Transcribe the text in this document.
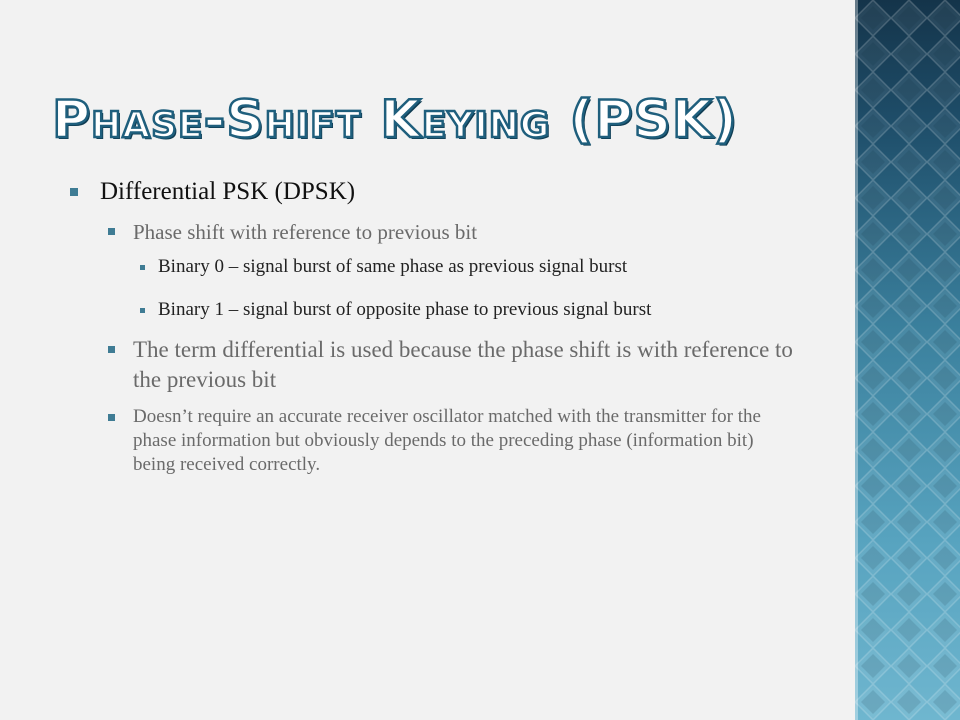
Phase-Shift Keying (PSK)
Differential PSK (DPSK)
Phase shift with reference to previous bit
Binary 0 – signal burst of same phase as previous signal burst
Binary 1 – signal burst of opposite phase to previous signal burst
The term differential is used because the phase shift is with reference to the previous bit
Doesn’t require an accurate receiver oscillator matched with the transmitter for the phase information but obviously depends to the preceding phase (information bit) being received correctly.
